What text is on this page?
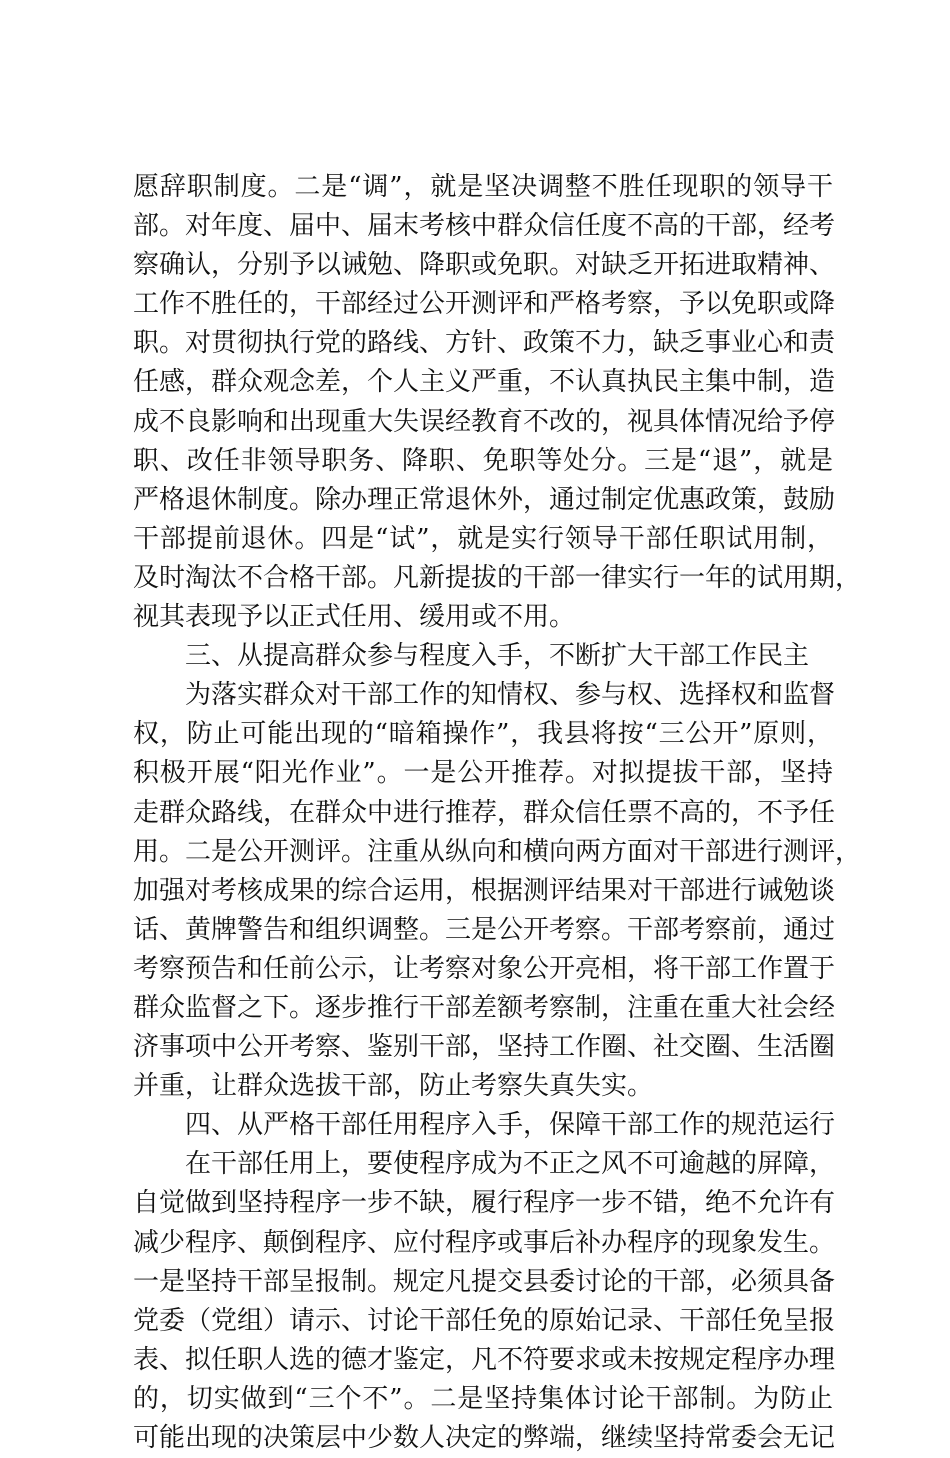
愿辞职制度。二是“调”，就是坚决调整不胜任现职的领导干
部。对年度、届中、届末考核中群众信任度不高的干部，经考
察确认，分别予以诫勉、降职或免职。对缺乏开拓进取精神、
工作不胜任的，干部经过公开测评和严格考察，予以免职或降
职。对贯彻执行党的路线、方针、政策不力，缺乏事业心和责
任感，群众观念差，个人主义严重，不认真执民主集中制，造
成不良影响和出现重大失误经教育不改的，视具体情况给予停
职、改任非领导职务、降职、免职等处分。三是“退”，就是
严格退休制度。除办理正常退休外，通过制定优惠政策，鼓励
干部提前退休。四是“试”，就是实行领导干部任职试用制，
及时淘汰不合格干部。凡新提拔的干部一律实行一年的试用期，
视其表现予以正式任用、缓用或不用。
三、从提高群众参与程度入手，不断扩大干部工作民主
为落实群众对干部工作的知情权、参与权、选择权和监督
权，防止可能出现的“暗箱操作”，我县将按“三公开”原则，
积极开展“阳光作业”。一是公开推荐。对拟提拔干部，坚持
走群众路线，在群众中进行推荐，群众信任票不高的，不予任
用。二是公开测评。注重从纵向和横向两方面对干部进行测评，
加强对考核成果的综合运用，根据测评结果对干部进行诫勉谈
话、黄牌警告和组织调整。三是公开考察。干部考察前，通过
考察预告和任前公示，让考察对象公开亮相，将干部工作置于
群众监督之下。逐步推行干部差额考察制，注重在重大社会经
济事项中公开考察、鉴别干部，坚持工作圈、社交圈、生活圈
并重，让群众选拔干部，防止考察失真失实。
四、从严格干部任用程序入手，保障干部工作的规范运行
在干部任用上，要使程序成为不正之风不可逾越的屏障，
自觉做到坚持程序一步不缺，履行程序一步不错，绝不允许有
减少程序、颠倒程序、应付程序或事后补办程序的现象发生。
一是坚持干部呈报制。规定凡提交县委讨论的干部，必须具备
党委（党组）请示、讨论干部任免的原始记录、干部任免呈报
表、拟任职人选的德才鉴定，凡不符要求或未按规定程序办理
的，切实做到“三个不”。二是坚持集体讨论干部制。为防止
可能出现的决策层中少数人决定的弊端，继续坚持常委会无记
